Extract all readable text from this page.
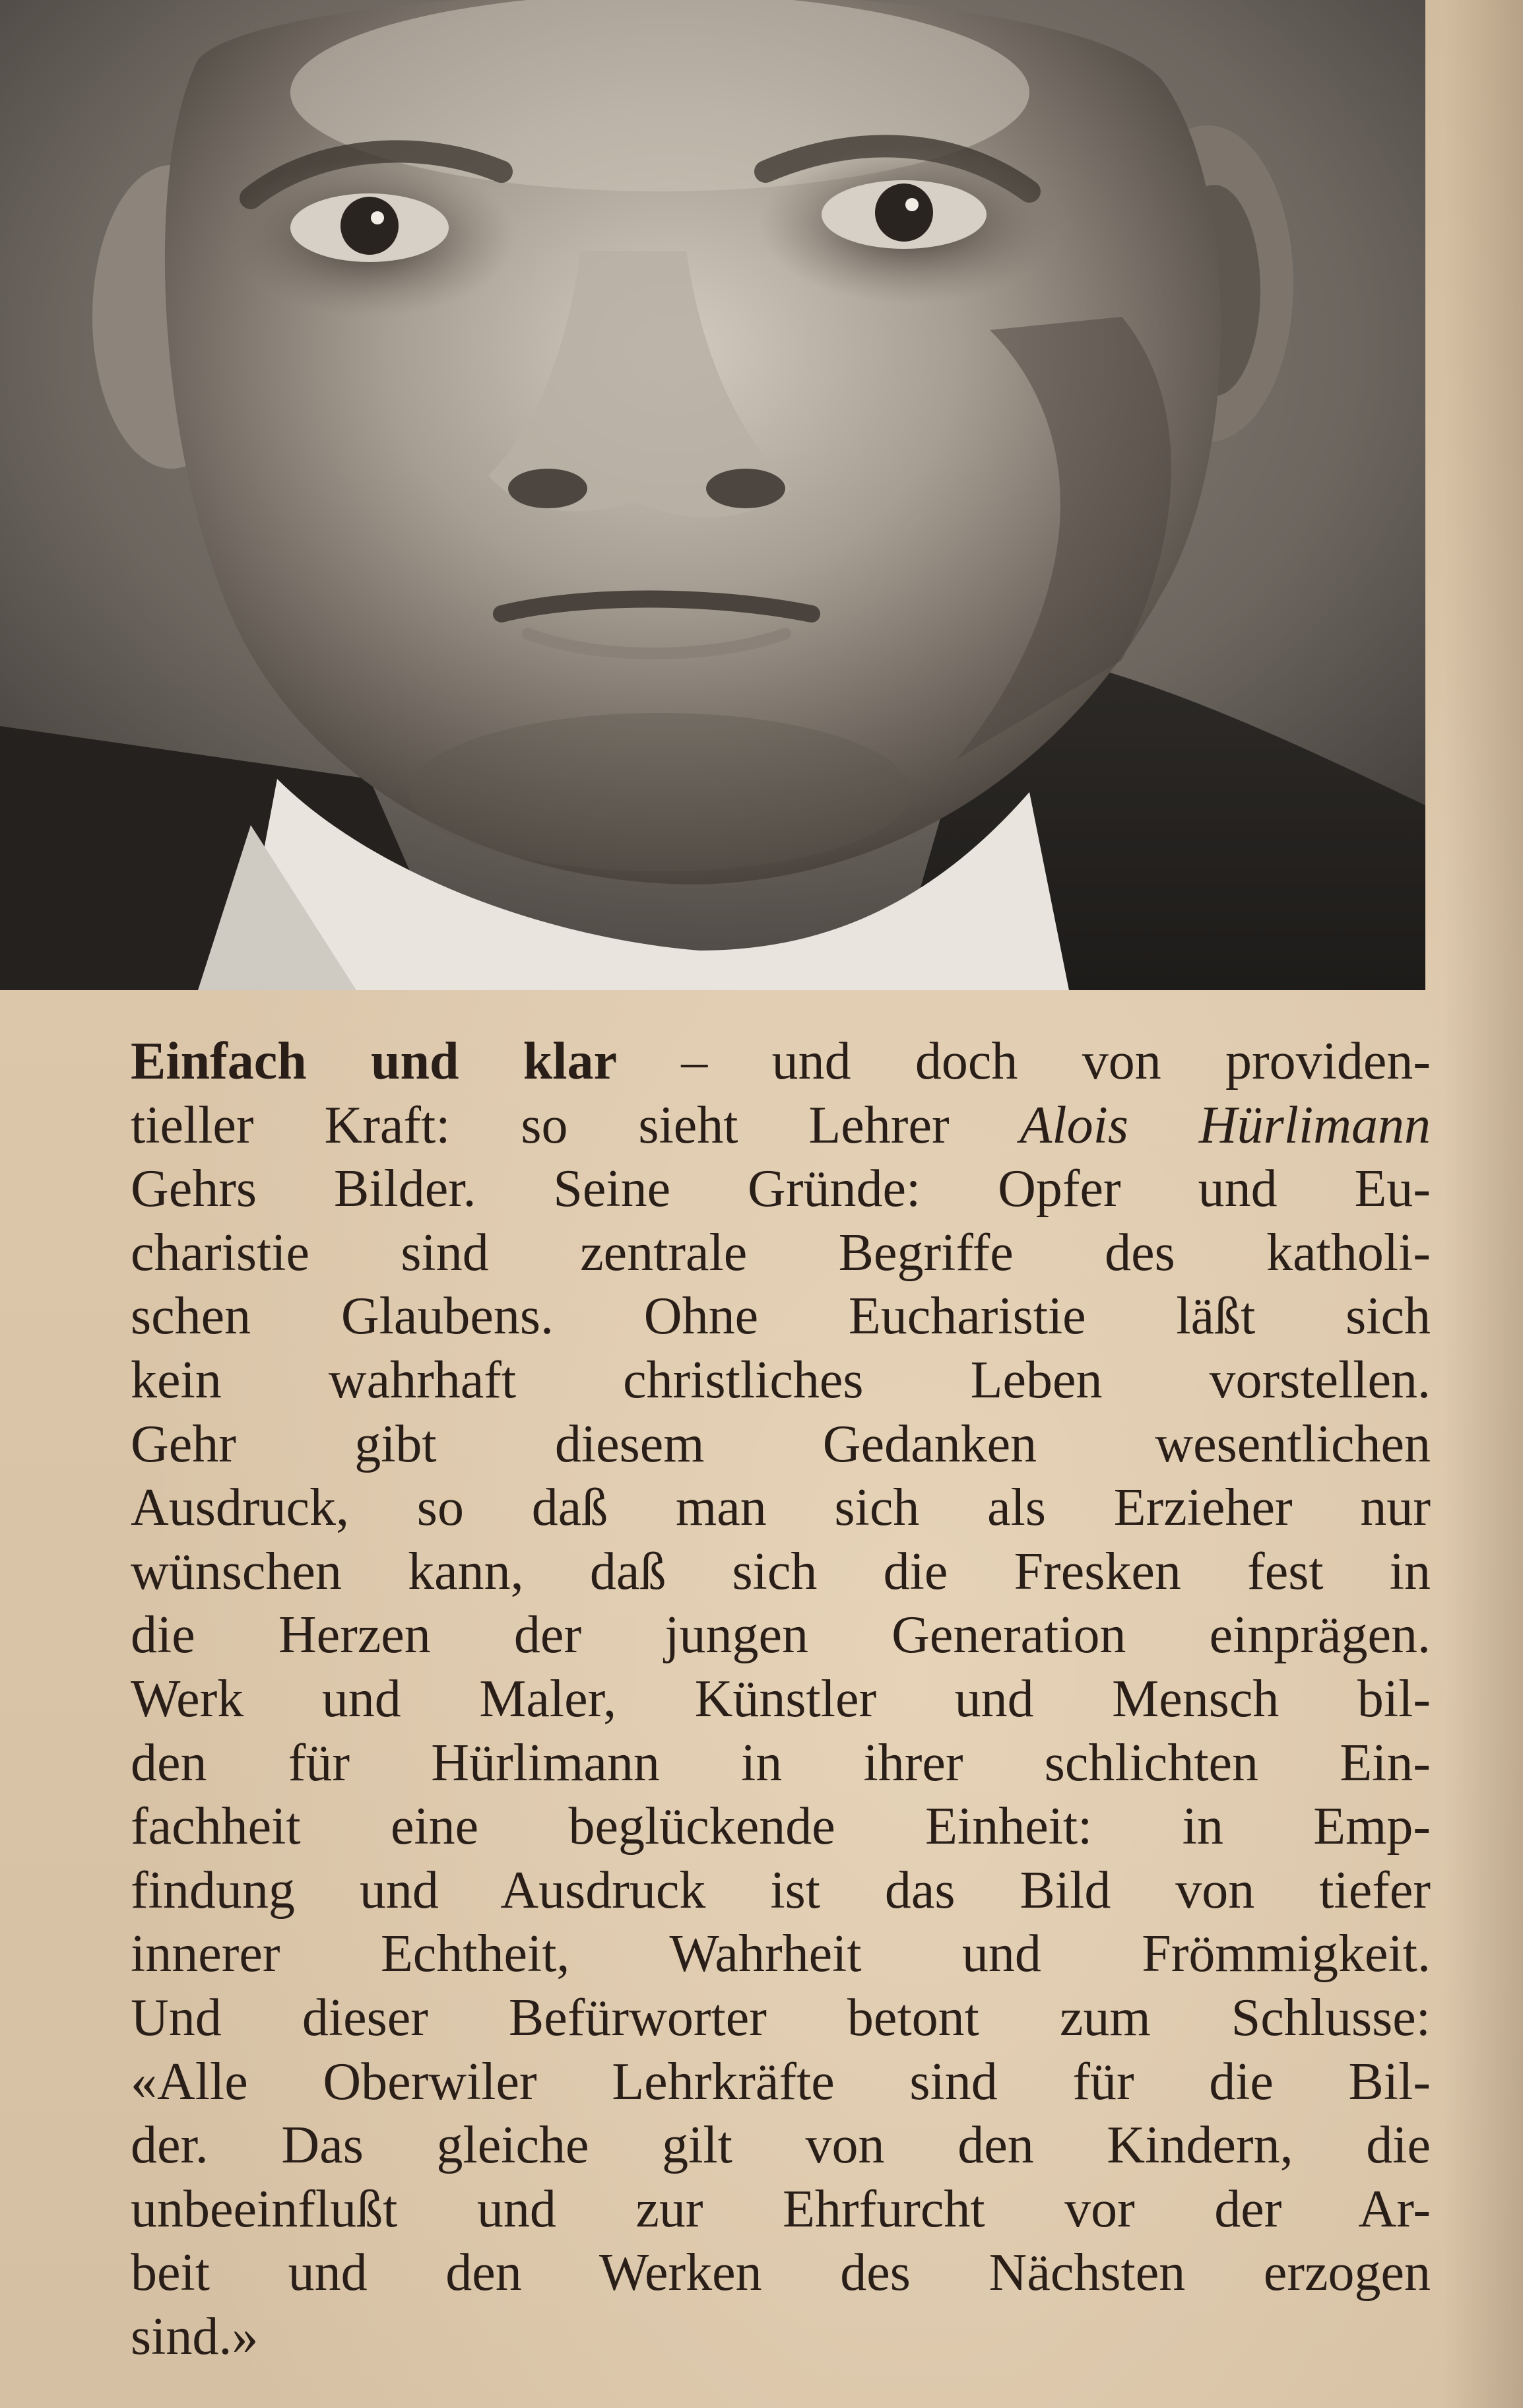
Einfach und klar – und doch von providen-
tieller Kraft: so sieht Lehrer Alois Hürlimann
Gehrs Bilder. Seine Gründe: Opfer und Eu-
charistie sind zentrale Begriffe des katholi-
schen Glaubens. Ohne Eucharistie läßt sich
kein wahrhaft christliches Leben vorstellen.
Gehr gibt diesem Gedanken wesentlichen
Ausdruck, so daß man sich als Erzieher nur
wünschen kann, daß sich die Fresken fest in
die Herzen der jungen Generation einprägen.
Werk und Maler, Künstler und Mensch bil-
den für Hürlimann in ihrer schlichten Ein-
fachheit eine beglückende Einheit: in Emp-
findung und Ausdruck ist das Bild von tiefer
innerer Echtheit, Wahrheit und Frömmigkeit.
Und dieser Befürworter betont zum Schlusse:
«Alle Oberwiler Lehrkräfte sind für die Bil-
der. Das gleiche gilt von den Kindern, die
unbeeinflußt und zur Ehrfurcht vor der Ar-
beit und den Werken des Nächsten erzogen
sind.»
